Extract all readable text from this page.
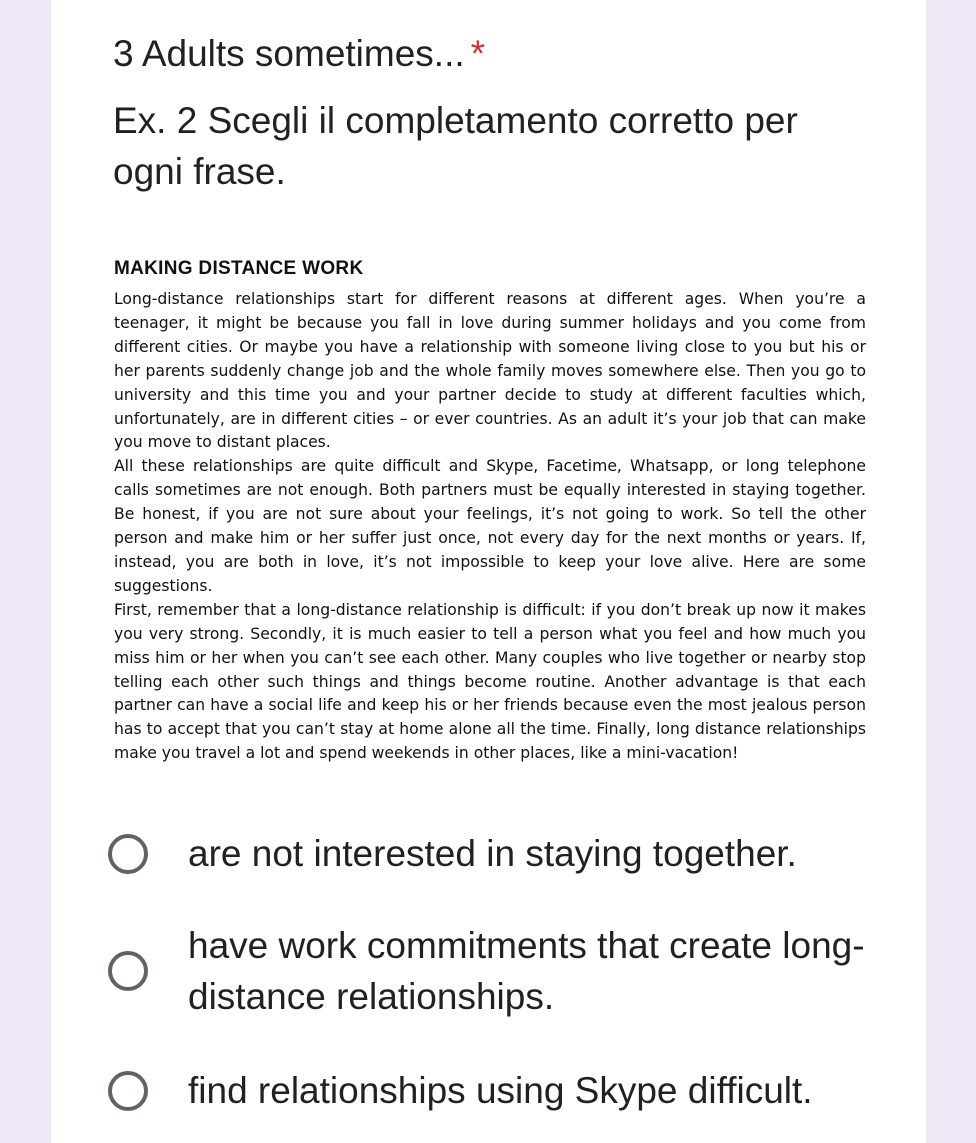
3 Adults sometimes... *
Ex. 2 Scegli il completamento corretto per ogni frase.
MAKING DISTANCE WORK

Long-distance relationships start for different reasons at different ages. When you’re a teenager, it might be because you fall in love during summer holidays and you come from different cities. Or maybe you have a relationship with someone living close to you but his or her parents suddenly change job and the whole family moves somewhere else. Then you go to university and this time you and your partner decide to study at different faculties which, unfortunately, are in different cities – or ever countries. As an adult it’s your job that can make you move to distant places.

All these relationships are quite difficult and Skype, Facetime, Whatsapp, or long telephone calls sometimes are not enough. Both partners must be equally interested in staying together. Be honest, if you are not sure about your feelings, it’s not going to work. So tell the other person and make him or her suffer just once, not every day for the next months or years. If, instead, you are both in love, it’s not impossible to keep your love alive. Here are some suggestions.

First, remember that a long-distance relationship is difficult: if you don’t break up now it makes you very strong. Secondly, it is much easier to tell a person what you feel and how much you miss him or her when you can’t see each other. Many couples who live together or nearby stop telling each other such things and things become routine. Another advantage is that each partner can have a social life and keep his or her friends because even the most jealous person has to accept that you can’t stay at home alone all the time. Finally, long distance relationships make you travel a lot and spend weekends in other places, like a mini-vacation!

are not interested in staying together.
have work commitments that create long-distance relationships.
find relationships using Skype difficult.
